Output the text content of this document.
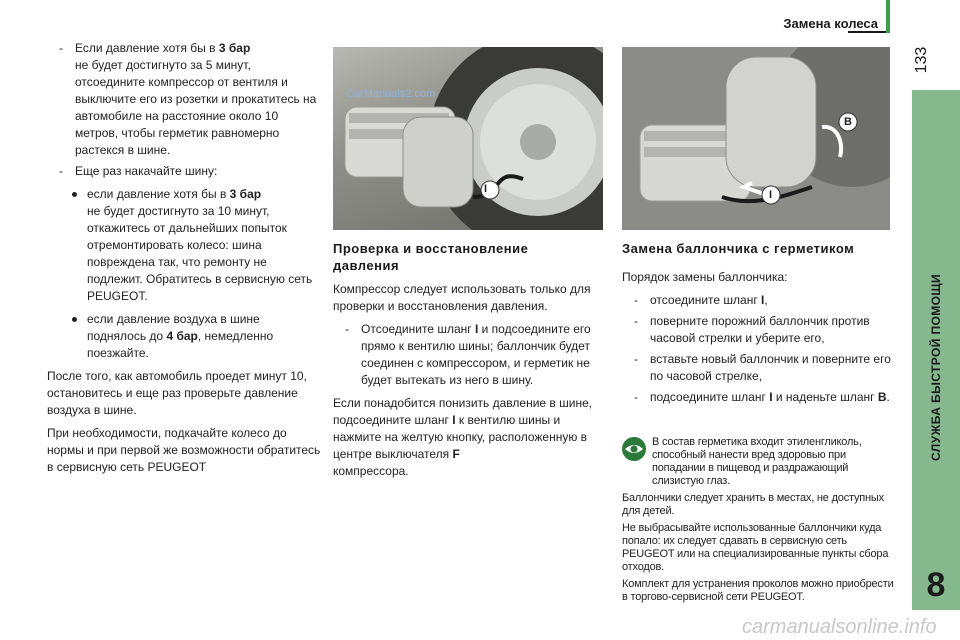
Замена колеса
133
СЛУЖБА БЫСТРОЙ ПОМОЩИ
8
- Если давление хотя бы в 3 бар
не будет достигнуто за 5 минут, отсоедините компрессор от вентиля и выключите его из розетки и прокатитесь на автомобиле на расстояние около 10 метров, чтобы герметик равномерно растекся в шине.
- Еще раз накачайте шину:
если давление хотя бы в 3 бар
не будет достигнуто за 10 минут, откажитесь от дальнейших попыток отремонтировать колесо: шина повреждена так, что ремонту не подлежит. Обратитесь в сервисную сеть PEUGEOT.
если давление воздуха в шине поднялось до 4 бар, немедленно поезжайте.

После того, как автомобиль проедет минут 10, остановитесь и еще раз проверьте давление воздуха в шине.

При необходимости, подкачайте колесо до нормы и при первой же возможности обратитесь в сервисную сеть PEUGEOT

CarManuals2.com
I
B
I
Проверка и восстановление давления

Компрессор следует использовать только для проверки и восстановления давления.

- Отсоедините шланг I и подсоедините его прямо к вентилю шины; баллончик будет соединен с компрессором, и герметик не будет вытекать из него в шину.

Если понадобится понизить давление в шине, подсоедините шланг I к вентилю шины и нажмите на желтую кнопку, расположенную в центре выключателя F
компрессора.

Замена баллончика с герметиком

Порядок замены баллончика:

- отсоедините шланг I,
- поверните порожний баллончик против часовой стрелки и уберите его,
- вставьте новый баллончик и поверните его по часовой стрелке,
- подсоедините шланг I и наденьте шланг B.

В состав герметика входит этиленгликоль, способный нанести вред здоровью при попадании в пищевод и раздражающий слизистую глаз.

Баллончики следует хранить в местах, не доступных для детей.

Не выбрасывайте использованные баллончики куда попало: их следует сдавать в сервисную сеть PEUGEOT или на специализированные пункты сбора отходов.

Комплект для устранения проколов можно приобрести в торгово-сервисной сети PEUGEOT.

carmanualsonline.info
